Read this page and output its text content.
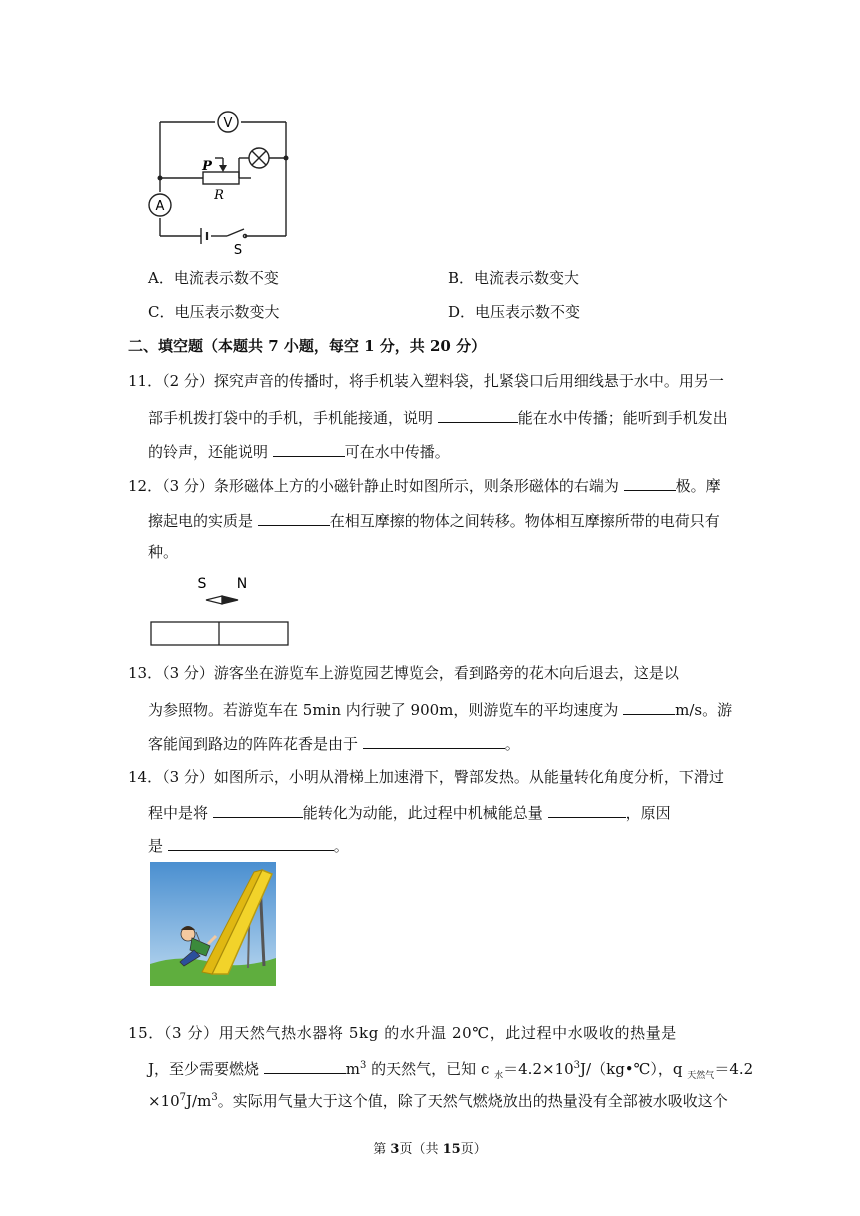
V
A
P
R
S
A．电流表示数不变	B．电流表示数变大
C．电压表示数变大	D．电压表示数不变
二、填空题（本题共 7 小题，每空 1 分，共 20 分）
11．（2 分）探究声音的传播时，将手机装入塑料袋，扎紧袋口后用细线悬于水中。用另一
部手机拨打袋中的手机，手机能接通，说明	能在水中传播；能听到手机发出
的铃声，还能说明	可在水中传播。
12．（3 分）条形磁体上方的小磁针静止时如图所示，则条形磁体的右端为	极。摩
擦起电的实质是	在相互摩擦的物体之间转移。物体相互摩擦所带的电荷只有
种。
S N
13．（3 分）游客坐在游览车上游览园艺博览会，看到路旁的花木向后退去，这是以
为参照物。若游览车在 5min 内行驶了 900m，则游览车的平均速度为	m/s。游
客能闻到路边的阵阵花香是由于	。
14．（3 分）如图所示，小明从滑梯上加速滑下，臀部发热。从能量转化角度分析，下滑过
程中是将	能转化为动能，此过程中机械能总量	，原因
是	。
15．（3 分）用天然气热水器将 5kg 的水升温 20℃，此过程中水吸收的热量是
J，至少需要燃烧	$m^3$ 的天然气，已知 c $_水=4.2\times 10^3J/(kg•℃)$，q $_{天然气}$＝4.2
$\times 10^7J/m^3$。实际用气量大于这个值，除了天然气燃烧放出的热量没有全部被水吸收这个
第 3页（共 15页）
